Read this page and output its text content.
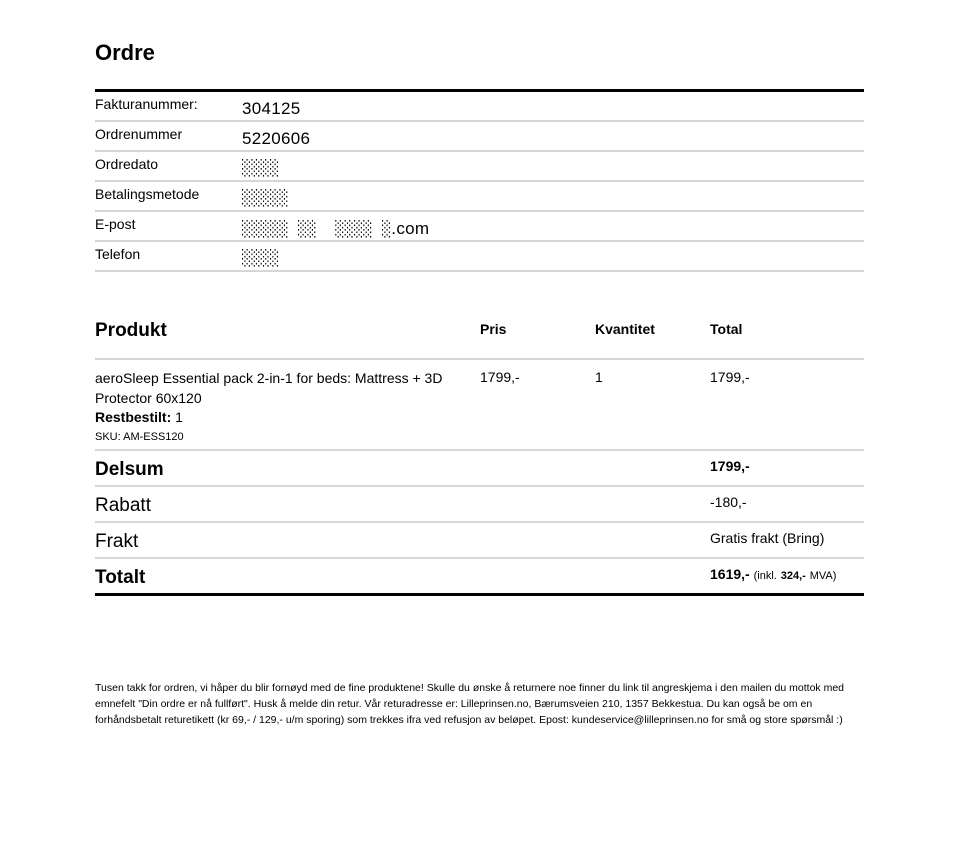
Ordre
Fakturanummer:	304125
Ordrenummer	5220606
Ordredato	░░░░
Betalingsmetode	░░░░░
E-post	░░░░░ ░░  ░░░░ ░.com
Telefon	░░░░
Produkt	Pris	Kvantitet	Total
aeroSleep Essential pack 2-in-1 for beds: Mattress + 3D Protector 60x120
Restbestilt: 1
SKU: AM-ESS120
1799,-	1	1799,-
Delsum	1799,-
Rabatt	-180,-
Frakt	Gratis frakt (Bring)
Totalt	1619,- (inkl. 324,- MVA)
Tusen takk for ordren, vi håper du blir fornøyd med de fine produktene! Skulle du ønske å returnere noe finner du link til angreskjema i den mailen du mottok med emnefelt "Din ordre er nå fullført". Husk å melde din retur. Vår returadresse er: Lilleprinsen.no, Bærumsveien 210, 1357 Bekkestua. Du kan også be om en forhåndsbetalt returetikett (kr 69,- / 129,- u/m sporing) som trekkes ifra ved refusjon av beløpet. Epost: kundeservice@lilleprinsen.no for små og store spørsmål :)
